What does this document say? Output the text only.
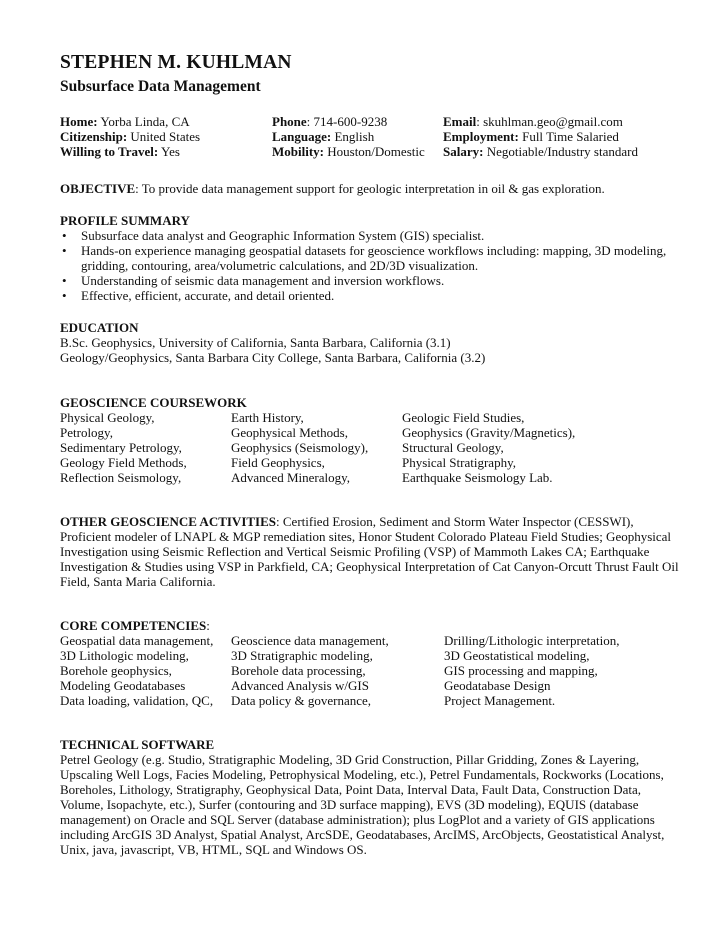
STEPHEN M. KUHLMAN
Subsurface Data Management
Home: Yorba Linda, CA	Phone: 714-600-9238	Email: skuhlman.geo@gmail.com
Citizenship: United States	Language: English	Employment: Full Time Salaried
Willing to Travel: Yes	Mobility: Houston/Domestic	Salary: Negotiable/Industry standard
OBJECTIVE: To provide data management support for geologic interpretation in oil & gas exploration.
PROFILE SUMMARY
• Subsurface data analyst and Geographic Information System (GIS) specialist.
• Hands-on experience managing geospatial datasets for geoscience workflows including: mapping, 3D modeling, gridding, contouring, area/volumetric calculations, and 2D/3D visualization.
• Understanding of seismic data management and inversion workflows.
• Effective, efficient, accurate, and detail oriented.
EDUCATION
B.Sc. Geophysics, University of California, Santa Barbara, California (3.1)
Geology/Geophysics, Santa Barbara City College, Santa Barbara, California (3.2)
GEOSCIENCE COURSEWORK
Physical Geology,	Earth History,	Geologic Field Studies,
Petrology,	Geophysical Methods,	Geophysics (Gravity/Magnetics),
Sedimentary Petrology,	Geophysics (Seismology),	Structural Geology,
Geology Field Methods,	Field Geophysics,	Physical Stratigraphy,
Reflection Seismology,	Advanced Mineralogy,	Earthquake Seismology Lab.
OTHER GEOSCIENCE ACTIVITIES: Certified Erosion, Sediment and Storm Water Inspector (CESSWI), Proficient modeler of LNAPL & MGP remediation sites, Honor Student Colorado Plateau Field Studies; Geophysical Investigation using Seismic Reflection and Vertical Seismic Profiling (VSP) of Mammoth Lakes CA; Earthquake Investigation & Studies using VSP in Parkfield, CA; Geophysical Interpretation of Cat Canyon-Orcutt Thrust Fault Oil Field, Santa Maria California.
CORE COMPETENCIES:
Geospatial data management,	Geoscience data management,	Drilling/Lithologic interpretation,
3D Lithologic modeling,	3D Stratigraphic modeling,	3D Geostatistical modeling,
Borehole geophysics,	Borehole data processing,	GIS processing and mapping,
Modeling Geodatabases	Advanced Analysis w/GIS	Geodatabase Design
Data loading, validation, QC,	Data policy & governance,	Project Management.
TECHNICAL SOFTWARE
Petrel Geology (e.g. Studio, Stratigraphic Modeling, 3D Grid Construction, Pillar Gridding, Zones & Layering, Upscaling Well Logs, Facies Modeling, Petrophysical Modeling, etc.), Petrel Fundamentals, Rockworks (Locations, Boreholes, Lithology, Stratigraphy, Geophysical Data, Point Data, Interval Data, Fault Data, Construction Data, Volume, Isopachyte, etc.), Surfer (contouring and 3D surface mapping), EVS (3D modeling), EQUIS (database management) on Oracle and SQL Server (database administration); plus LogPlot and a variety of GIS applications including ArcGIS 3D Analyst, Spatial Analyst, ArcSDE, Geodatabases, ArcIMS, ArcObjects, Geostatistical Analyst, Unix, java, javascript, VB, HTML, SQL and Windows OS.
